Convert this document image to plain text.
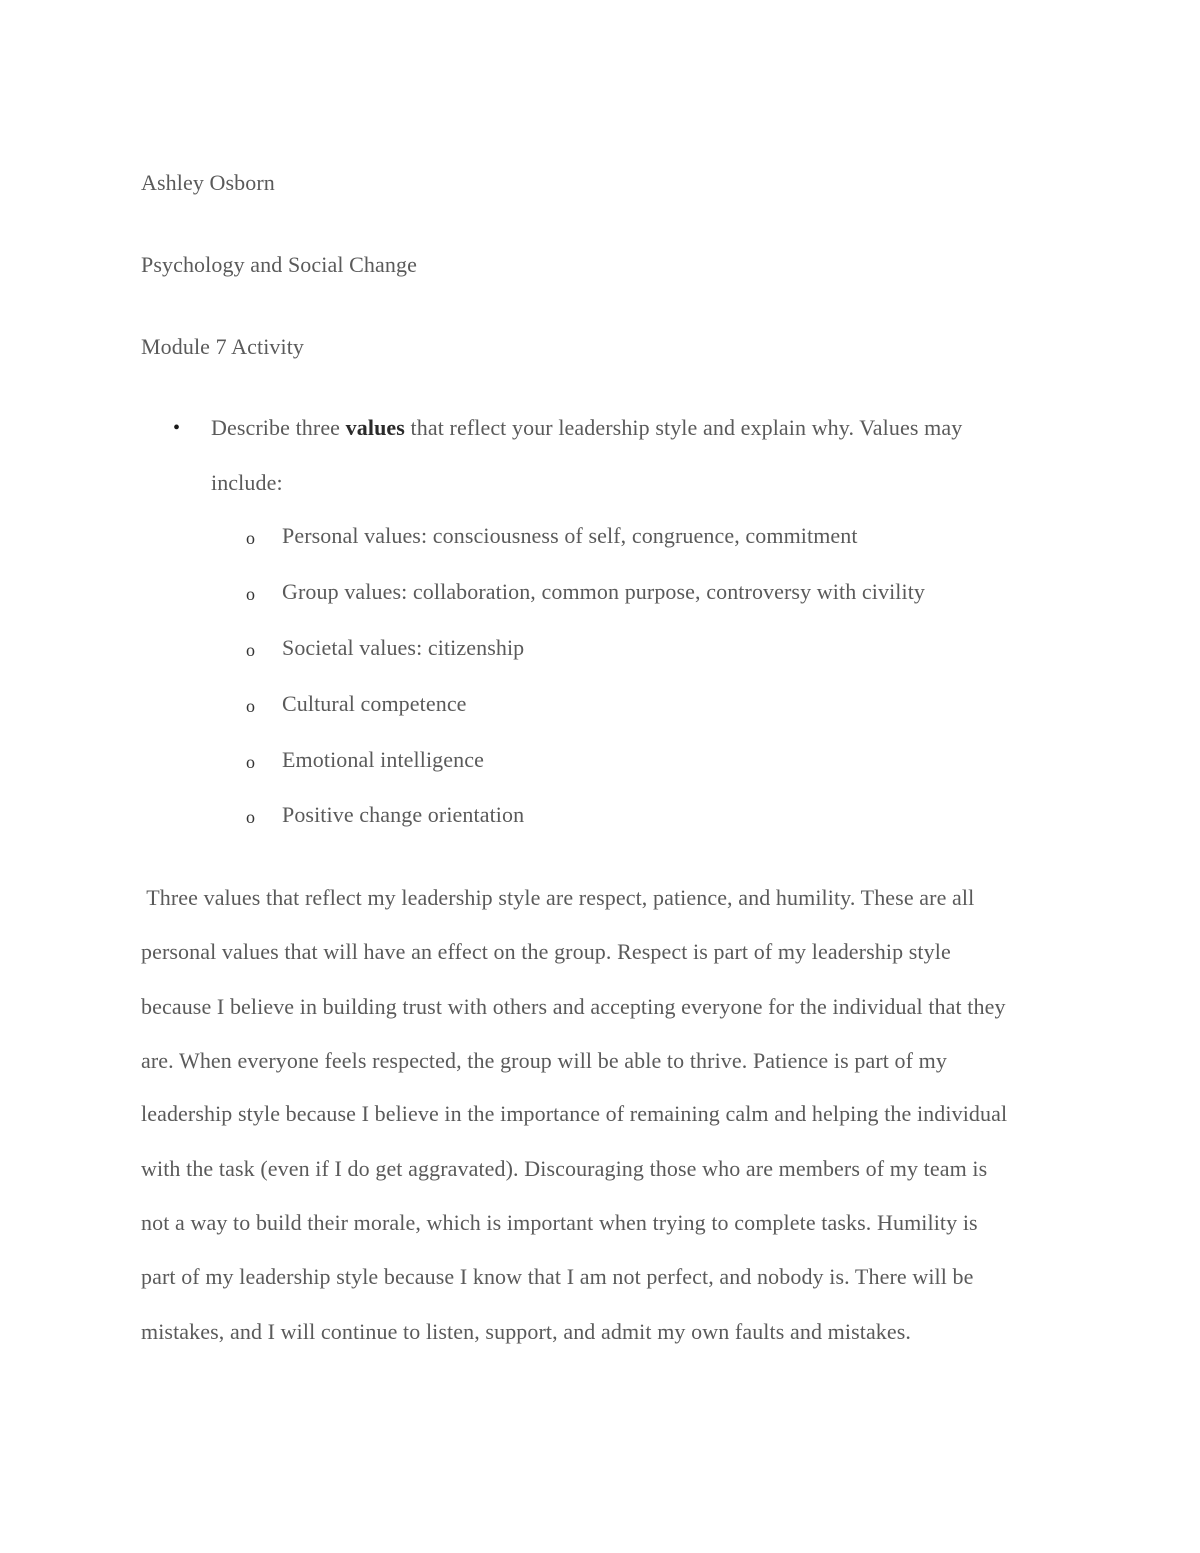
Ashley Osborn
Psychology and Social Change
Module 7 Activity
• Describe three values that reflect your leadership style and explain why. Values may
include:
o Personal values: consciousness of self, congruence, commitment
o Group values: collaboration, common purpose, controversy with civility
o Societal values: citizenship
o Cultural competence
o Emotional intelligence
o Positive change orientation
Three values that reflect my leadership style are respect, patience, and humility. These are all
personal values that will have an effect on the group. Respect is part of my leadership style
because I believe in building trust with others and accepting everyone for the individual that they
are. When everyone feels respected, the group will be able to thrive. Patience is part of my
leadership style because I believe in the importance of remaining calm and helping the individual
with the task (even if I do get aggravated). Discouraging those who are members of my team is
not a way to build their morale, which is important when trying to complete tasks. Humility is
part of my leadership style because I know that I am not perfect, and nobody is. There will be
mistakes, and I will continue to listen, support, and admit my own faults and mistakes.
